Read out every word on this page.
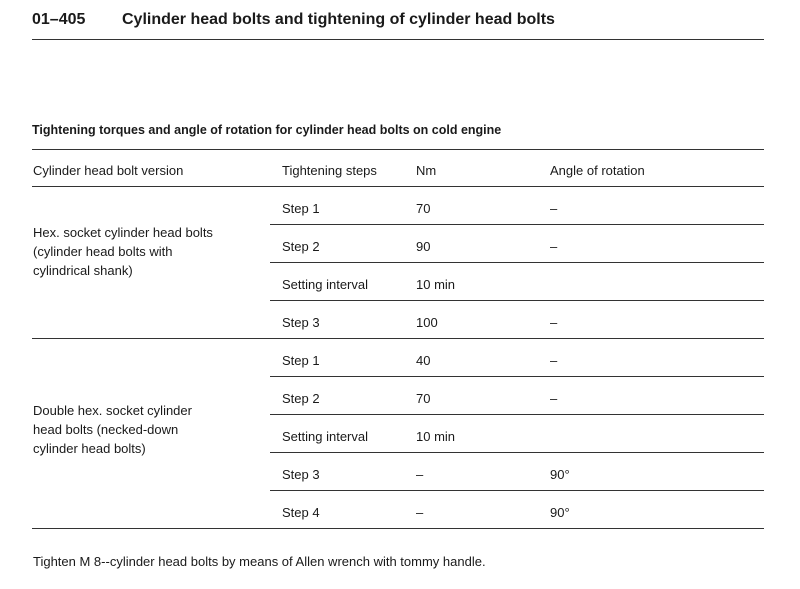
01–405 Cylinder head bolts and tightening of cylinder head bolts
Tightening torques and angle of rotation for cylinder head bolts on cold engine
Cylinder head bolt version	Tightening steps	Nm	Angle of rotation
Hex. socket cylinder head bolts
(cylinder head bolts with
cylindrical shank)
Step 1	70	–
Step 2	90	–
Setting interval	10 min
Step 3	100	–
Double hex. socket cylinder
head bolts (necked-down
cylinder head bolts)
Step 1	40	–
Step 2	70	–
Setting interval	10 min
Step 3	–	90°
Step 4	–	90°
Tighten M 8--cylinder head bolts by means of Allen wrench with tommy handle.
